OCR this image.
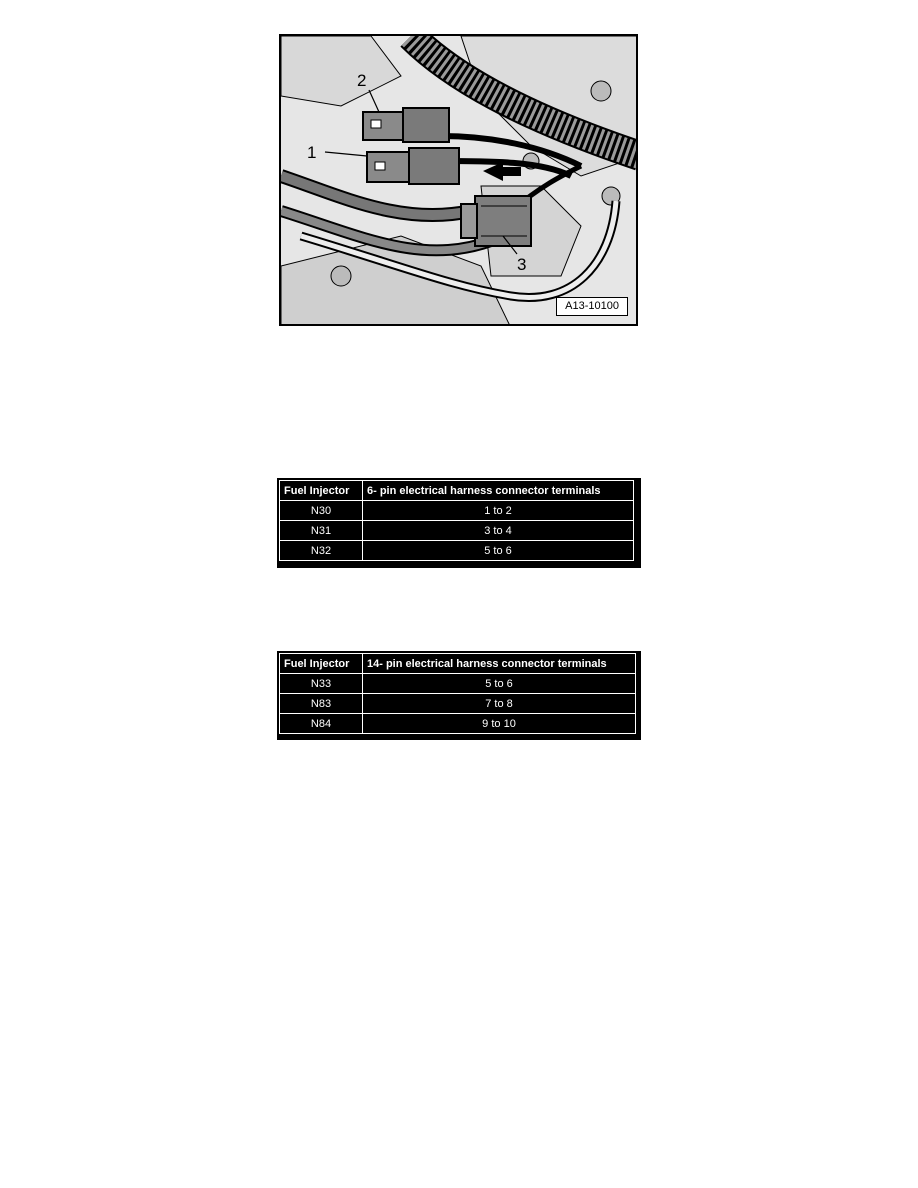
1
2
3
A13-10100
Fuel Injector	6- pin electrical harness connector terminals
N30	1 to 2
N31	3 to 4
N32	5 to 6
Fuel Injector	14- pin electrical harness connector terminals
N33	5 to 6
N83	7 to 8
N84	9 to 10
